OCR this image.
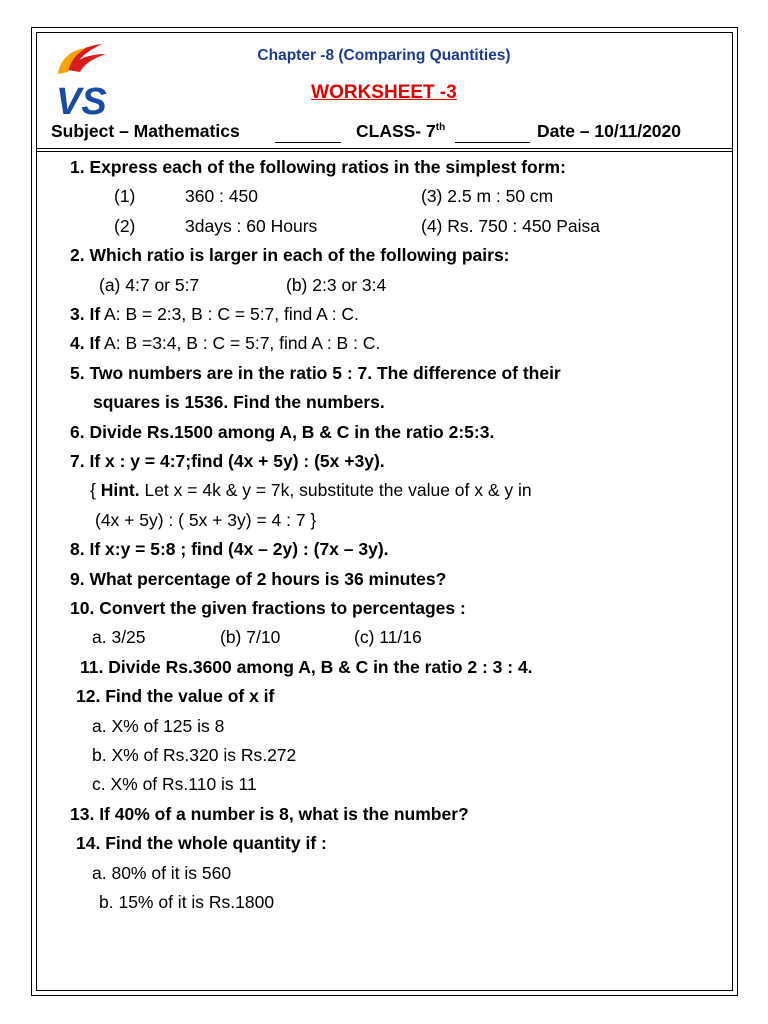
VS
Chapter -8 (Comparing Quantities)
WORKSHEET -3
Subject – Mathematics	CLASS- 7th	Date – 10/11/2020
1. Express each of the following ratios in the simplest form:
(1)	360 : 450	(3) 2.5 m : 50 cm
(2)	3days : 60 Hours	(4) Rs. 750 : 450 Paisa
2. Which ratio is larger in each of the following pairs:
(a) 4:7 or 5:7	(b) 2:3 or 3:4
3. If A: B = 2:3, B : C = 5:7, find A : C.
4. If A: B =3:4, B : C = 5:7, find A : B : C.
5. Two numbers are in the ratio 5 : 7. The difference of their
squares is 1536. Find the numbers.
6. Divide Rs.1500 among A, B & C in the ratio 2:5:3.
7. If x : y = 4:7;find (4x + 5y) : (5x +3y).
{ Hint. Let x = 4k & y = 7k, substitute the value of x & y in
(4x + 5y) : ( 5x + 3y) = 4 : 7 }
8. If x:y = 5:8 ; find (4x – 2y) : (7x – 3y).
9. What percentage of 2 hours is 36 minutes?
10. Convert the given fractions to percentages :
a. 3/25	(b) 7/10	(c) 11/16
11. Divide Rs.3600 among A, B & C in the ratio 2 : 3 : 4.
12. Find the value of x if
a. X% of 125 is 8
b. X% of Rs.320 is Rs.272
c. X% of Rs.110 is 11
13. If 40% of a number is 8, what is the number?
14. Find the whole quantity if :
a. 80% of it is 560
b. 15% of it is Rs.1800
